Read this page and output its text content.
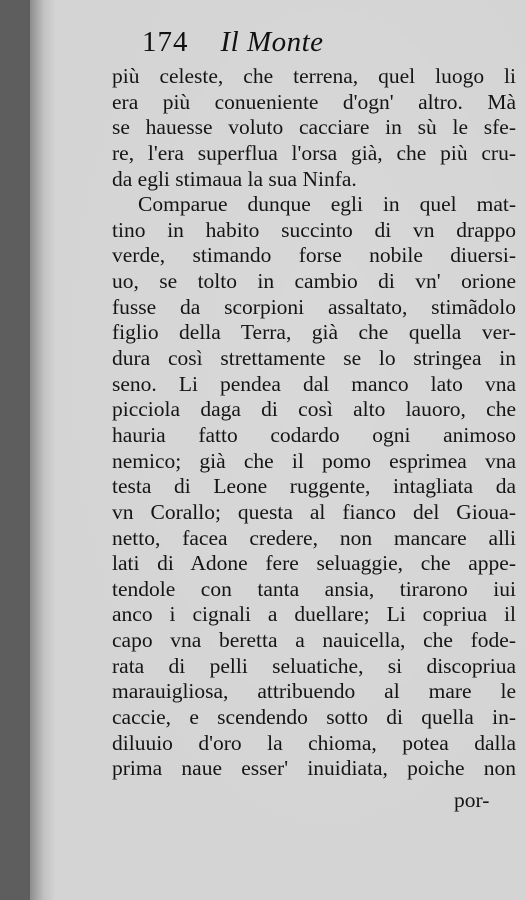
174 Il Monte
più celeste, che terrena, quel luogo li
era più conueniente d'ogn' altro. Mà
se hauesse voluto cacciare in sù le sfe-
re, l'era superflua l'orsa già, che più cru-
da egli stimaua la sua Ninfa.
Comparue dunque egli in quel mat-
tino in habito succinto di vn drappo
verde, stimando forse nobile diuersi-
uo, se tolto in cambio di vn' orione
fusse da scorpioni assaltato, stimãdolo
figlio della Terra, già che quella ver-
dura così strettamente se lo stringea in
seno. Li pendea dal manco lato vna
picciola daga di così alto lauoro, che
hauria fatto codardo ogni animoso
nemico; già che il pomo esprimea vna
testa di Leone ruggente, intagliata da
vn Corallo; questa al fianco del Gioua-
netto, facea credere, non mancare alli
lati di Adone fere seluaggie, che appe-
tendole con tanta ansia, tirarono iui
anco i cignali a duellare; Li copriua il
capo vna beretta a nauicella, che fode-
rata di pelli seluatiche, si discopriua
marauigliosa, attribuendo al mare le
caccie, e scendendo sotto di quella in-
diluuio d'oro la chioma, potea dalla
prima naue esser' inuidiata, poiche non
por-
